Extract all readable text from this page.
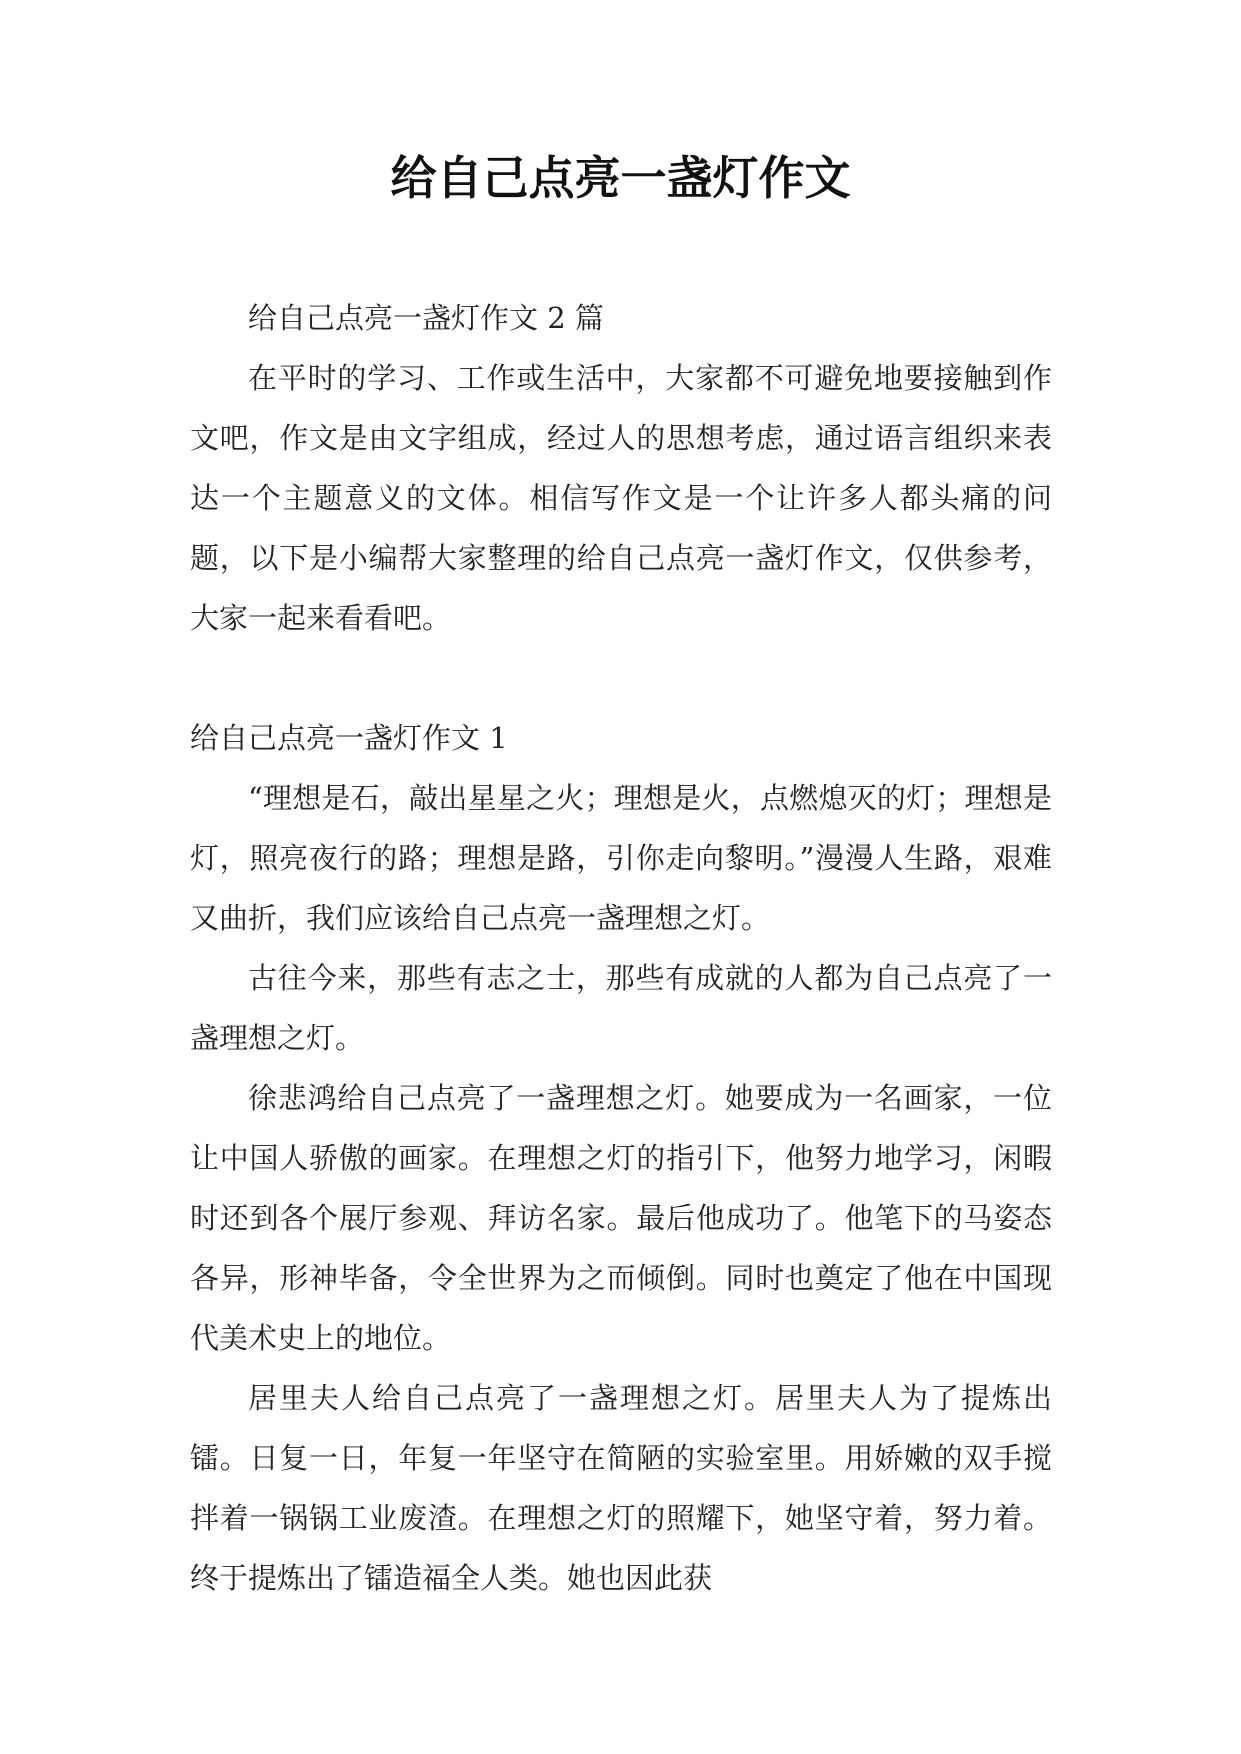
给自己点亮一盏灯作文

给自己点亮一盏灯作文 2 篇

在平时的学习、工作或生活中，大家都不可避免地要接触到作文吧，作文是由文字组成，经过人的思想考虑，通过语言组织来表达一个主题意义的文体。相信写作文是一个让许多人都头痛的问题，以下是小编帮大家整理的给自己点亮一盏灯作文，仅供参考，大家一起来看看吧。

给自己点亮一盏灯作文 1

“理想是石，敲出星星之火；理想是火，点燃熄灭的灯；理想是灯，照亮夜行的路；理想是路，引你走向黎明。”漫漫人生路，艰难又曲折，我们应该给自己点亮一盏理想之灯。

古往今来，那些有志之士，那些有成就的人都为自己点亮了一盏理想之灯。

徐悲鸿给自己点亮了一盏理想之灯。她要成为一名画家，一位让中国人骄傲的画家。在理想之灯的指引下，他努力地学习，闲暇时还到各个展厅参观、拜访名家。最后他成功了。他笔下的马姿态各异，形神毕备，令全世界为之而倾倒。同时也奠定了他在中国现代美术史上的地位。

居里夫人给自己点亮了一盏理想之灯。居里夫人为了提炼出镭。日复一日，年复一年坚守在简陋的实验室里。用娇嫩的双手搅拌着一锅锅工业废渣。在理想之灯的照耀下，她坚守着，努力着。终于提炼出了镭造福全人类。她也因此获
